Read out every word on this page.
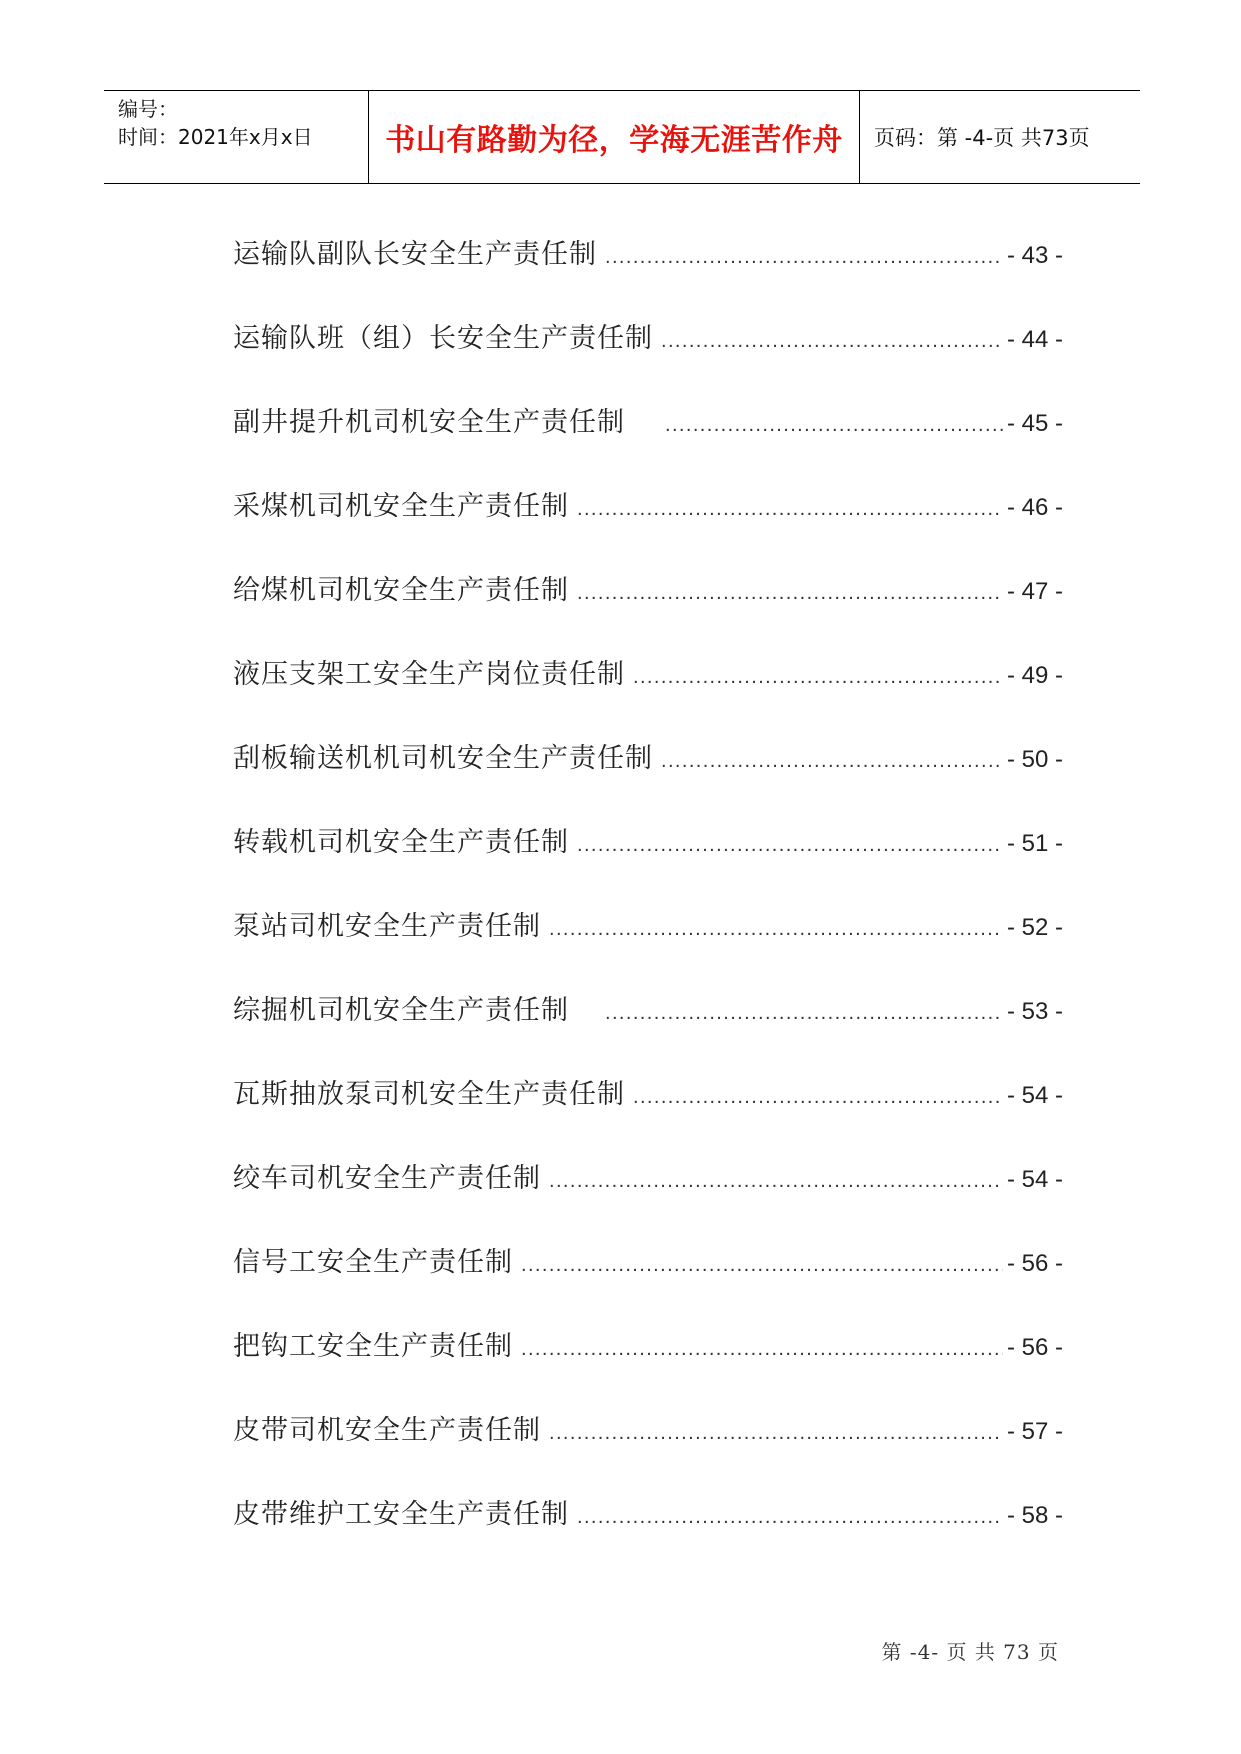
编号：
时间：2021年x月x日 书山有路勤为径，学海无涯苦作舟 页码：第 -4-页 共73页
运输队副队长安全生产责任制 .....	- 43 -
运输队班（组）长安全生产责任制 .....	- 44 -
副井提升机司机安全生产责任制 .....	- 45 -
采煤机司机安全生产责任制 .....	- 46 -
给煤机司机安全生产责任制 .....	- 47 -
液压支架工安全生产岗位责任制 .....	- 49 -
刮板输送机机司机安全生产责任制 .....	- 50 -
转载机司机安全生产责任制 .....	- 51 -
泵站司机安全生产责任制 .....	- 52 -
综掘机司机安全生产责任制 .....	- 53 -
瓦斯抽放泵司机安全生产责任制 .....	- 54 -
绞车司机安全生产责任制 .....	- 54 -
信号工安全生产责任制 .....	- 56 -
把钩工安全生产责任制 .....	- 56 -
皮带司机安全生产责任制 .....	- 57 -
皮带维护工安全生产责任制 .....	- 58 -
第 -4- 页 共 73 页
